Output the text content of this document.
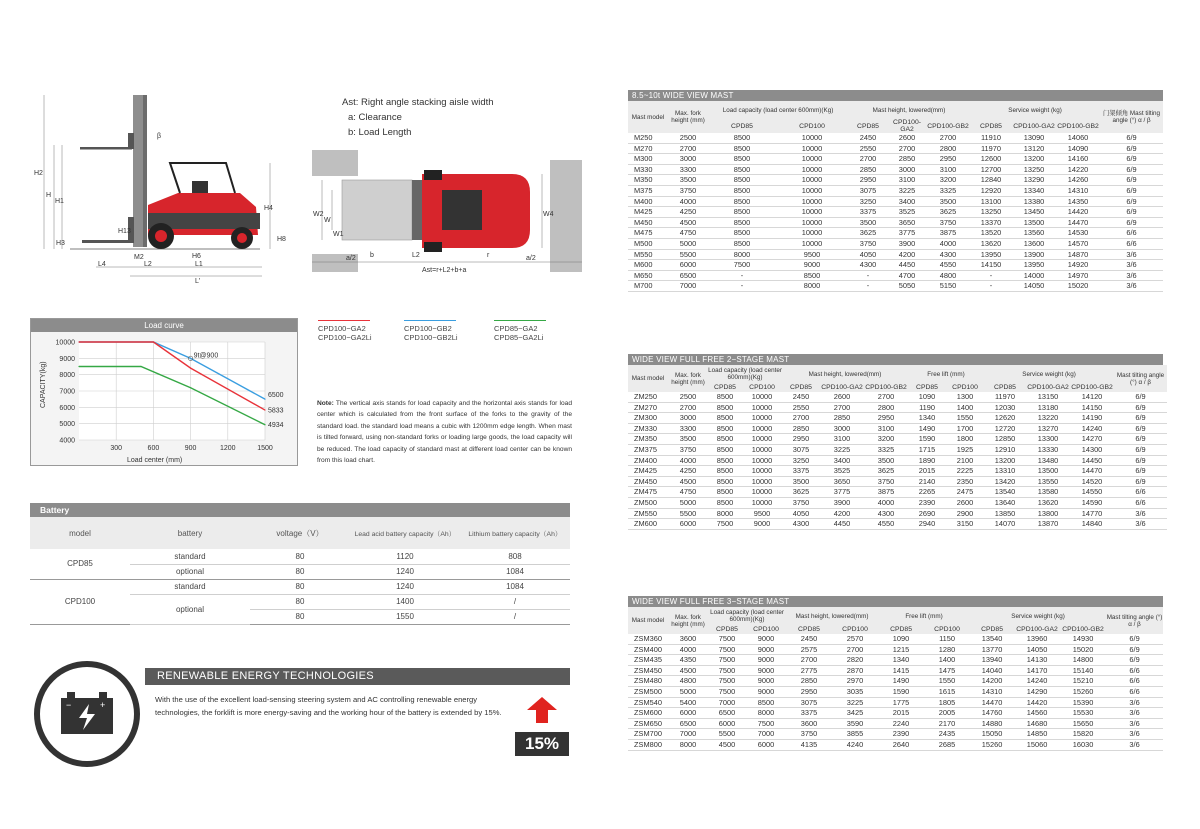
H2
H
H1
H4
H3
H13
H6
H8
M2
L4	L2	L1
L'
β
Ast: Right angle stacking aisle width
a: Clearance
b: Load Length
W2
W
W1
W4
a/2 b	L2	r	a/2
Ast=r+L2+b+a
CPD100−GA2
CPD100−GA2Li
CPD100−GB2
CPD100−GB2Li
CPD85−GA2
CPD85−GA2Li
Load curve
10000
9000
8000
7000
6000
5000
4000
300	600	900	1200	1500
6500
5833
4934
CAPACITY(kg)
Load center (mm)
9t@900
Note: The vertical axis stands for load capacity and the horizontal axis stands for load center which is calculated from the front surface of the forks to the gravity of the standard load. the standard load means a cubic with 1200mm edge length. When mast is tilted forward, using non-standard forks or loading large goods, the load capacity will be reduced. The load capacity of standard mast at different load center can be known from this load chart.
Battery
model	battery	voltage（V）	Lead acid battery capacity（Ah）	Lithium battery capacity（Ah）
CPD85	standard	80	1120	808
	optional	80	1240	1084
CPD100	standard	80	1240	1084
	optional	80	1400	/
		80	1550	/
−	+
RENEWABLE ENERGY TECHNOLOGIES
With the use of the excellent load-sensing steering system and AC controlling renewable energy technologies, the forklift is more energy-saving and the working hour of the battery is extended by 15%.
15%
8.5~10t WIDE VIEW MAST
Mast model	Max. fork height (mm)	Load capacity (load center 600mm)(Kg)		Mast height, lowered(mm)			Service weight (kg)			门架倾角 Mast tilting angle (°) α / β
		CPD85	CPD100	CPD85	CPD100-GA2	CPD100-GB2	CPD85	CPD100-GA2	CPD100-GB2	
M250	2500	8500	10000	2450	2600	2700	11910	13090	14060	6/9
M270	2700	8500	10000	2550	2700	2800	11970	13120	14090	6/9
M300	3000	8500	10000	2700	2850	2950	12600	13200	14160	6/9
M330	3300	8500	10000	2850	3000	3100	12700	13250	14220	6/9
M350	3500	8500	10000	2950	3100	3200	12840	13290	14260	6/9
M375	3750	8500	10000	3075	3225	3325	12920	13340	14310	6/9
M400	4000	8500	10000	3250	3400	3500	13100	13380	14350	6/9
M425	4250	8500	10000	3375	3525	3625	13250	13450	14420	6/9
M450	4500	8500	10000	3500	3650	3750	13370	13500	14470	6/9
M475	4750	8500	10000	3625	3775	3875	13520	13560	14530	6/6
M500	5000	8500	10000	3750	3900	4000	13620	13600	14570	6/6
M550	5500	8000	9500	4050	4200	4300	13950	13900	14870	3/6
M600	6000	7500	9000	4300	4450	4550	14150	13950	14920	3/6
M650	6500	-	8500	-	4700	4800	-	14000	14970	3/6
M700	7000	-	8000	-	5050	5150	-	14050	15020	3/6
WIDE VIEW FULL FREE 2−STAGE MAST
Mast model	Max. fork height (mm)	Load capacity (load center 600mm)(Kg)		Mast height, lowered(mm)			Free lift (mm)		Service weight (kg)			Mast tilting angle (°) α / β
		CPD85	CPD100	CPD85	CPD100-GA2	CPD100-GB2	CPD85	CPD100	CPD85	CPD100-GA2	CPD100-GB2	
ZM250	2500	8500	10000	2450	2600	2700	1090	1300	11970	13150	14120	6/9
ZM270	2700	8500	10000	2550	2700	2800	1190	1400	12030	13180	14150	6/9
ZM300	3000	8500	10000	2700	2850	2950	1340	1550	12620	13220	14190	6/9
ZM330	3300	8500	10000	2850	3000	3100	1490	1700	12720	13270	14240	6/9
ZM350	3500	8500	10000	2950	3100	3200	1590	1800	12850	13300	14270	6/9
ZM375	3750	8500	10000	3075	3225	3325	1715	1925	12910	13330	14300	6/9
ZM400	4000	8500	10000	3250	3400	3500	1890	2100	13200	13480	14450	6/9
ZM425	4250	8500	10000	3375	3525	3625	2015	2225	13310	13500	14470	6/9
ZM450	4500	8500	10000	3500	3650	3750	2140	2350	13420	13550	14520	6/9
ZM475	4750	8500	10000	3625	3775	3875	2265	2475	13540	13580	14550	6/6
ZM500	5000	8500	10000	3750	3900	4000	2390	2600	13640	13620	14590	6/6
ZM550	5500	8000	9500	4050	4200	4300	2690	2900	13850	13800	14770	3/6
ZM600	6000	7500	9000	4300	4450	4550	2940	3150	14070	13870	14840	3/6
WIDE VIEW FULL FREE 3−STAGE MAST
Mast model	Max. fork height (mm)	Load capacity (load center 600mm)(Kg)		Mast height, lowered(mm)		Free lift (mm)		Service weight (kg)			Mast tilting angle (°) α / β
		CPD85	CPD100	CPD85	CPD100	CPD85	CPD100	CPD85	CPD100-GA2	CPD100-GB2	
ZSM360	3600	7500	9000	2450	2570	1090	1150	13540	13960	14930	6/9
ZSM400	4000	7500	9000	2575	2700	1215	1280	13770	14050	15020	6/9
ZSM435	4350	7500	9000	2700	2820	1340	1400	13940	14130	14800	6/9
ZSM450	4500	7500	9000	2775	2870	1415	1475	14040	14170	15140	6/6
ZSM480	4800	7500	9000	2850	2970	1490	1550	14200	14240	15210	6/6
ZSM500	5000	7500	9000	2950	3035	1590	1615	14310	14290	15260	6/6
ZSM540	5400	7000	8500	3075	3225	1775	1805	14470	14420	15390	3/6
ZSM600	6000	6500	8000	3375	3425	2015	2005	14760	14560	15530	3/6
ZSM650	6500	6000	7500	3600	3590	2240	2170	14880	14680	15650	3/6
ZSM700	7000	5500	7000	3750	3855	2390	2435	15050	14850	15820	3/6
ZSM800	8000	4500	6000	4135	4240	2640	2685	15260	15060	16030	3/6
